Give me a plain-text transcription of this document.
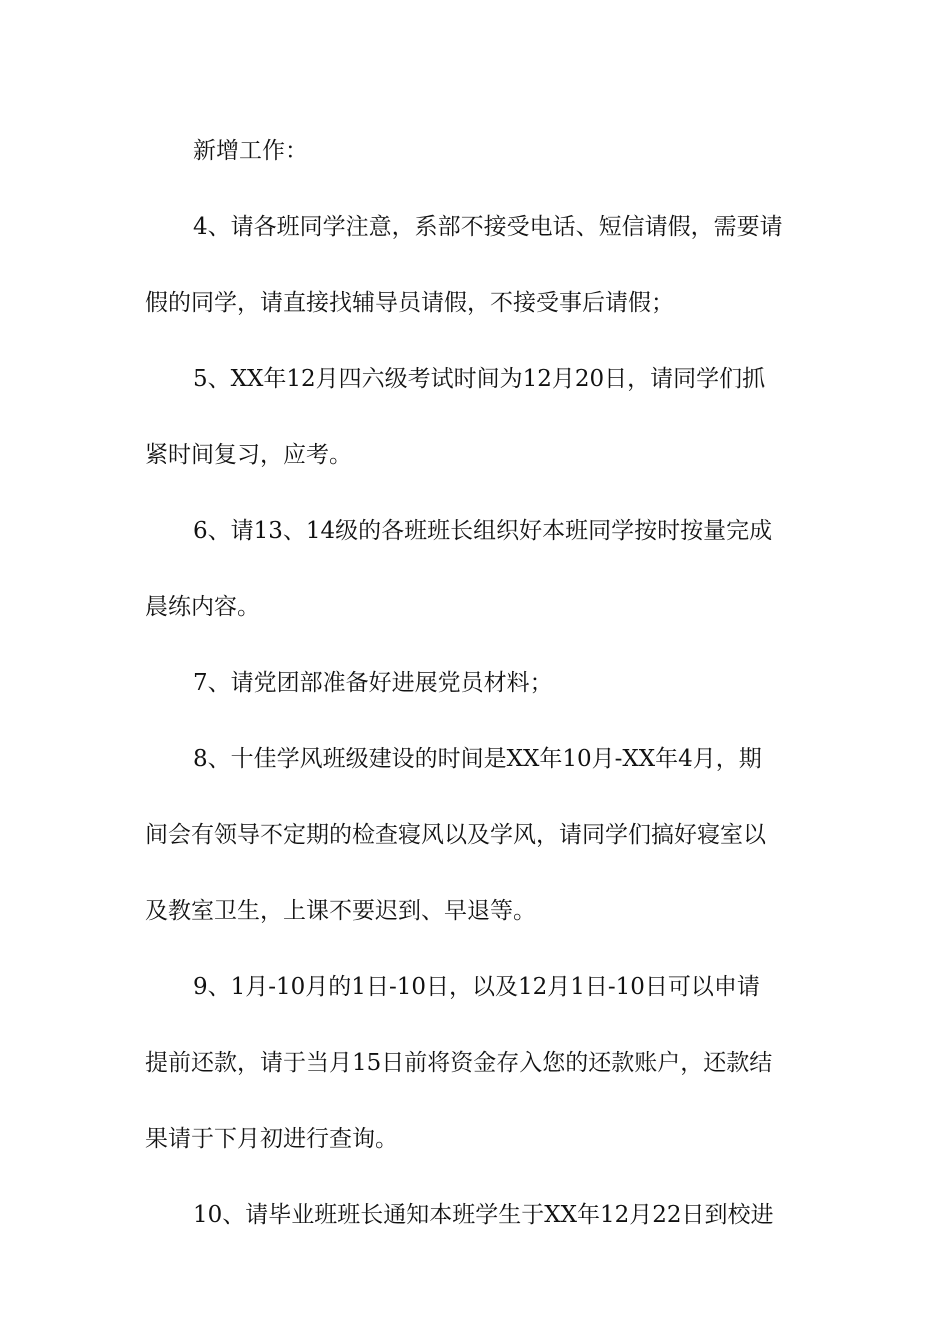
新增工作：
4、请各班同学注意，系部不接受电话、短信请假，需要请
假的同学，请直接找辅导员请假，不接受事后请假；
5、XX年12月四六级考试时间为12月20日，请同学们抓
紧时间复习，应考。
6、请13、14级的各班班长组织好本班同学按时按量完成
晨练内容。
7、请党团部准备好进展党员材料；
8、十佳学风班级建设的时间是XX年10月-XX年4月，期
间会有领导不定期的检查寝风以及学风，请同学们搞好寝室以
及教室卫生，上课不要迟到、早退等。
9、1月-10月的1日-10日，以及12月1日-10日可以申请
提前还款，请于当月15日前将资金存入您的还款账户，还款结
果请于下月初进行查询。
10、请毕业班班长通知本班学生于XX年12月22日到校进
